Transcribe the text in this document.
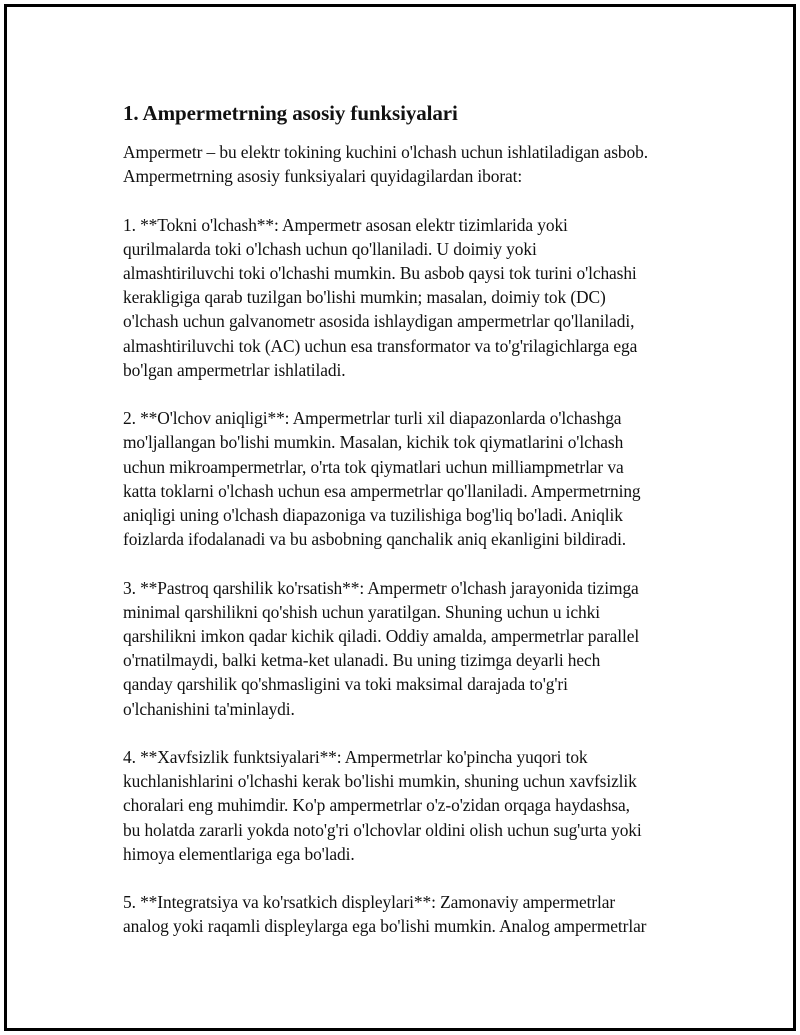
1. Ampermetrning asosiy funksiyalari

Ampermetr – bu elektr tokining kuchini o'lchash uchun ishlatiladigan asbob.
Ampermetrning asosiy funksiyalari quyidagilardan iborat:

1. **Tokni o'lchash**: Ampermetr asosan elektr tizimlarida yoki
qurilmalarda toki o'lchash uchun qo'llaniladi. U doimiy yoki
almashtiriluvchi toki o'lchashi mumkin. Bu asbob qaysi tok turini o'lchashi
kerakligiga qarab tuzilgan bo'lishi mumkin; masalan, doimiy tok (DC)
o'lchash uchun galvanometr asosida ishlaydigan ampermetrlar qo'llaniladi,
almashtiriluvchi tok (AC) uchun esa transformator va to'g'rilagichlarga ega
bo'lgan ampermetrlar ishlatiladi.

2. **O'lchov aniqligi**: Ampermetrlar turli xil diapazonlarda o'lchashga
mo'ljallangan bo'lishi mumkin. Masalan, kichik tok qiymatlarini o'lchash
uchun mikroampermetrlar, o'rta tok qiymatlari uchun milliampmetrlar va
katta toklarni o'lchash uchun esa ampermetrlar qo'llaniladi. Ampermetrning
aniqligi uning o'lchash diapazoniga va tuzilishiga bog'liq bo'ladi. Aniqlik
foizlarda ifodalanadi va bu asbobning qanchalik aniq ekanligini bildiradi.

3. **Pastroq qarshilik ko'rsatish**: Ampermetr o'lchash jarayonida tizimga
minimal qarshilikni qo'shish uchun yaratilgan. Shuning uchun u ichki
qarshilikni imkon qadar kichik qiladi. Oddiy amalda, ampermetrlar parallel
o'rnatilmaydi, balki ketma-ket ulanadi. Bu uning tizimga deyarli hech
qanday qarshilik qo'shmasligini va toki maksimal darajada to'g'ri
o'lchanishini ta'minlaydi.

4. **Xavfsizlik funktsiyalari**: Ampermetrlar ko'pincha yuqori tok
kuchlanishlarini o'lchashi kerak bo'lishi mumkin, shuning uchun xavfsizlik
choralari eng muhimdir. Ko'p ampermetrlar o'z-o'zidan orqaga haydashsa,
bu holatda zararli yokda noto'g'ri o'lchovlar oldini olish uchun sug'urta yoki
himoya elementlariga ega bo'ladi.

5. **Integratsiya va ko'rsatkich displeylari**: Zamonaviy ampermetrlar
analog yoki raqamli displeylarga ega bo'lishi mumkin. Analog ampermetrlar
